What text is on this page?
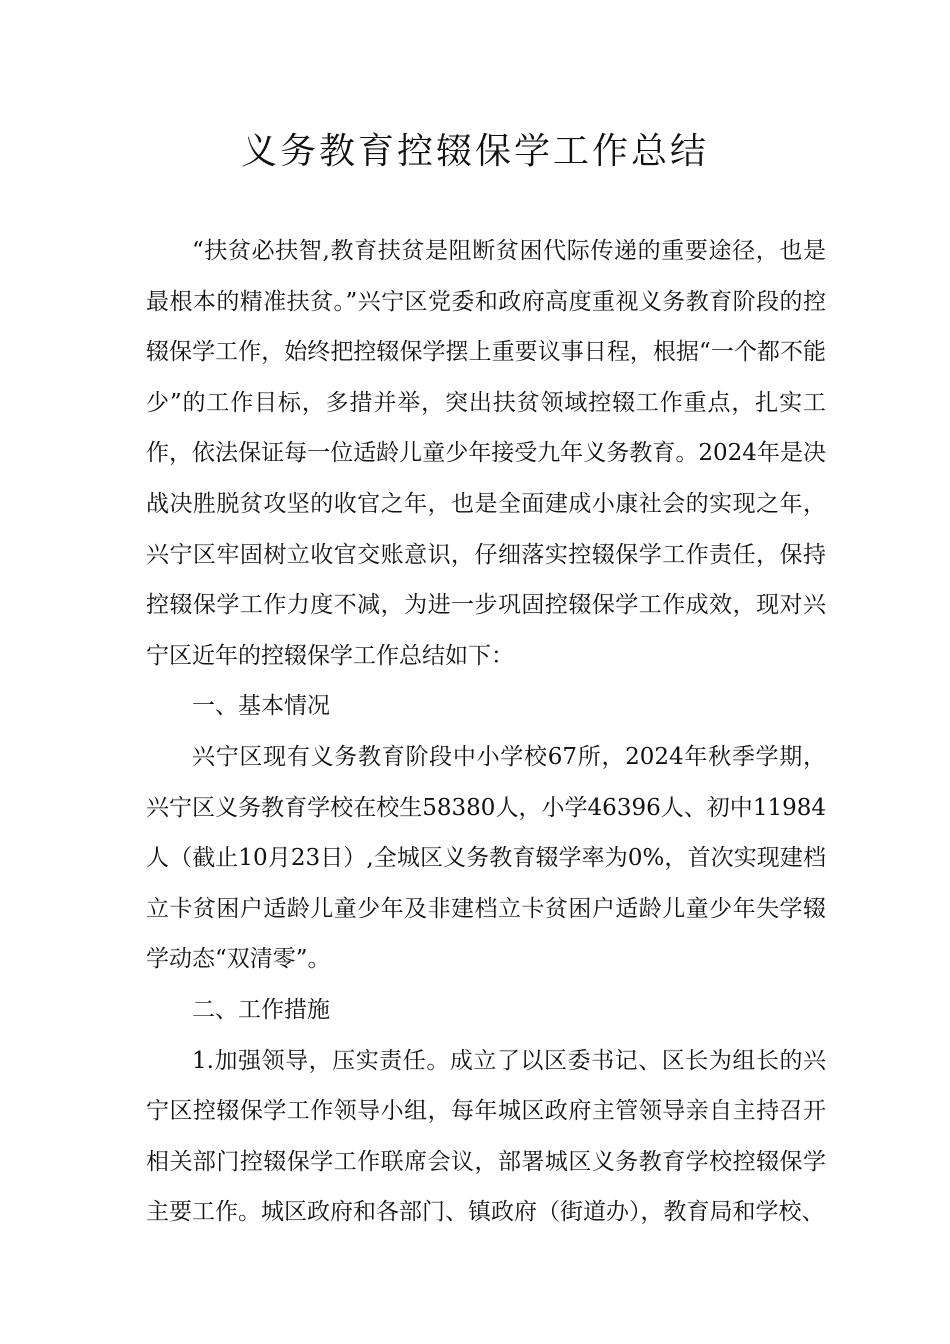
义务教育控辍保学工作总结

“扶贫必扶智,教育扶贫是阻断贫困代际传递的重要途径，也是最根本的精准扶贫。”兴宁区党委和政府高度重视义务教育阶段的控辍保学工作，始终把控辍保学摆上重要议事日程，根据“一个都不能少”的工作目标，多措并举，突出扶贫领域控辍工作重点，扎实工作，依法保证每一位适龄儿童少年接受九年义务教育。2024年是决战决胜脱贫攻坚的收官之年，也是全面建成小康社会的实现之年，兴宁区牢固树立收官交账意识，仔细落实控辍保学工作责任，保持控辍保学工作力度不减，为进一步巩固控辍保学工作成效，现对兴宁区近年的控辍保学工作总结如下：

一、基本情况

兴宁区现有义务教育阶段中小学校67所，2024年秋季学期，兴宁区义务教育学校在校生58380人，小学46396人、初中11984人（截止10月23日）,全城区义务教育辍学率为0%，首次实现建档立卡贫困户适龄儿童少年及非建档立卡贫困户适龄儿童少年失学辍学动态“双清零”。

二、工作措施

1.加强领导，压实责任。成立了以区委书记、区长为组长的兴宁区控辍保学工作领导小组，每年城区政府主管领导亲自主持召开相关部门控辍保学工作联席会议，部署城区义务教育学校控辍保学主要工作。城区政府和各部门、镇政府（街道办），教育局和学校、
